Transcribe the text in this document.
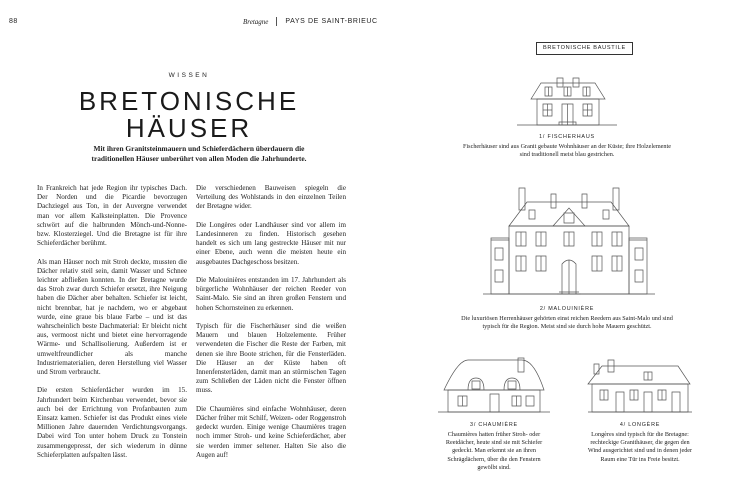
88	Bretagne PAYS DE SAINT-BRIEUC
WISSEN
BRETONISCHE
HÄUSER
Mit ihren Granitsteinmauern und Schieferdächern überdauern die traditionellen Häuser unberührt von allen Moden die Jahrhunderte.

In Frankreich hat jede Region ihr typisches Dach. Der Norden und die Picardie bevorzugen Dachziegel aus Ton, in der Auvergne verwendet man vor allem Kalksteinplatten. Die Provence schwört auf die halbrunden Mönch-und-Nonne- bzw. Klosterziegel. Und die Bretagne ist für ihre Schieferdächer berühmt.

Als man Häuser noch mit Stroh deckte, mussten die Dächer relativ steil sein, damit Wasser und Schnee leichter abfließen konnten. In der Bretagne wurde das Stroh zwar durch Schiefer ersetzt, ihre Neigung haben die Dächer aber behalten. Schiefer ist leicht, nicht brennbar, hat je nachdem, wo er abgebaut wurde, eine graue bis blaue Farbe – und ist das wahrscheinlich beste Dachmaterial: Er bleicht nicht aus, vermoost nicht und bietet eine hervorragende Wärme- und Schallisolierung. Außerdem ist er umweltfreundlicher als manche Industriematerialien, deren Herstellung viel Wasser und Strom verbraucht.

Die ersten Schieferdächer wurden im 15. Jahrhundert beim Kirchenbau verwendet, bevor sie auch bei der Errichtung von Profanbauten zum Einsatz kamen. Schiefer ist das Produkt eines viele Millionen Jahre dauernden Verdichtungsvorgangs. Dabei wird Ton unter hohem Druck zu Tonstein zusammengepresst, der sich wiederum in dünne Schieferplatten aufspalten lässt.

Die verschiedenen Bauweisen spiegeln die Verteilung des Wohlstands in den einzelnen Teilen der Bretagne wider.

Die Longères oder Landhäuser sind vor allem im Landesinneren zu finden. Historisch gesehen handelt es sich um lang gestreckte Häuser mit nur einer Ebene, auch wenn die meisten heute ein ausgebautes Dachgeschoss besitzen.

Die Malouinières entstanden im 17. Jahrhundert als bürgerliche Wohnhäuser der reichen Reeder von Saint-Malo. Sie sind an ihren großen Fenstern und hohen Schornsteinen zu erkennen.

Typisch für die Fischerhäuser sind die weißen Mauern und blauen Holzelemente. Früher verwendeten die Fischer die Reste der Farben, mit denen sie ihre Boote strichen, für die Fensterläden. Die Häuser an der Küste haben oft Innenfensterläden, damit man an stürmischen Tagen zum Schließen der Läden nicht die Fenster öffnen muss.

Die Chaumières sind einfache Wohnhäuser, deren Dächer früher mit Schilf, Weizen- oder Roggenstroh gedeckt wurden. Einige wenige Chaumières tragen noch immer Stroh- und keine Schieferdächer, aber sie werden immer seltener. Halten Sie also die Augen auf!

BRETONISCHE BAUSTILE
1/ FISCHERHAUS
Fischerhäuser sind aus Granit gebaute Wohnhäuser an der Küste; ihre Holzelemente sind traditionell meist blau gestrichen.
2/ MALOUINIÈRE
Die luxuriösen Herrenhäuser gehörten einst reichen Reedern aus Saint-Malo und sind typisch für die Region. Meist sind sie durch hohe Mauern geschützt.
3/ CHAUMIÈRE
Chaumières hatten früher Stroh- oder Reetdächer, heute sind sie mit Schiefer gedeckt. Man erkennt sie an ihren Schrägdächern, über die den Fenstern gewölbt sind.
4/ LONGÈRE
Longères sind typisch für die Bretagne: rechteckige Granithäuser, die gegen den Wind ausgerichtet sind und in denen jeder Raum eine Tür ins Freie besitzt.
